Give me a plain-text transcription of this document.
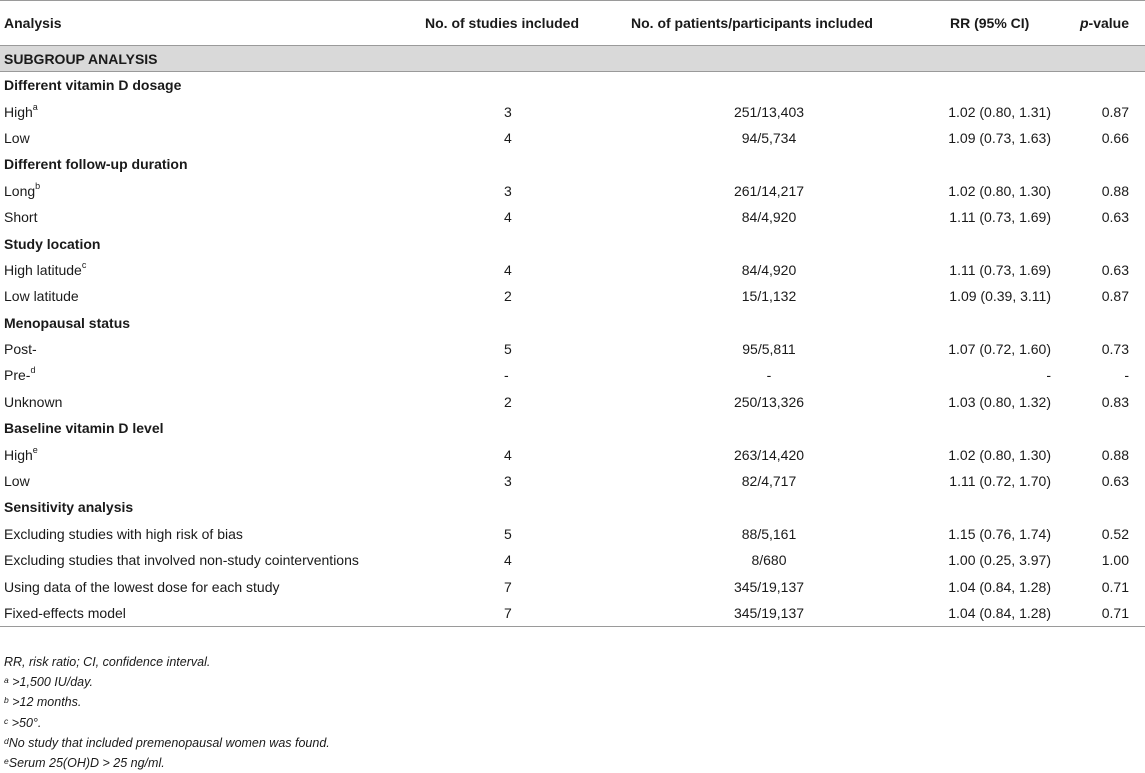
Analysis	No. of studies included	No. of patients/participants included	RR (95% CI)	p-value
SUBGROUP ANALYSIS				
Different vitamin D dosage				
High$^a$	3	251/13,403	1.02 (0.80, 1.31)	0.87
Low	4	94/5,734	1.09 (0.73, 1.63)	0.66
Different follow-up duration				
Long$^b$	3	261/14,217	1.02 (0.80, 1.30)	0.88
Short	4	84/4,920	1.11 (0.73, 1.69)	0.63
Study location				
High latitude$^c$	4	84/4,920	1.11 (0.73, 1.69)	0.63
Low latitude	2	15/1,132	1.09 (0.39, 3.11)	0.87
Menopausal status				
Post-	5	95/5,811	1.07 (0.72, 1.60)	0.73
Pre-$^d$	-	-	-	-
Unknown	2	250/13,326	1.03 (0.80, 1.32)	0.83
Baseline vitamin D level				
High$^e$	4	263/14,420	1.02 (0.80, 1.30)	0.88
Low	3	82/4,717	1.11 (0.72, 1.70)	0.63
Sensitivity analysis				
Excluding studies with high risk of bias	5	88/5,161	1.15 (0.76, 1.74)	0.52
Excluding studies that involved non-study cointerventions	4	8/680	1.00 (0.25, 3.97)	1.00
Using data of the lowest dose for each study	7	345/19,137	1.04 (0.84, 1.28)	0.71
Fixed-effects model	7	345/19,137	1.04 (0.84, 1.28)	0.71
RR, risk ratio; CI, confidence interval.
$^a$ >1,500 IU/day.
$^b$ >12 months.
$^c$ >50°.
$^d$No study that included premenopausal women was found.
$^e$Serum 25(OH)D > 25 ng/ml.
